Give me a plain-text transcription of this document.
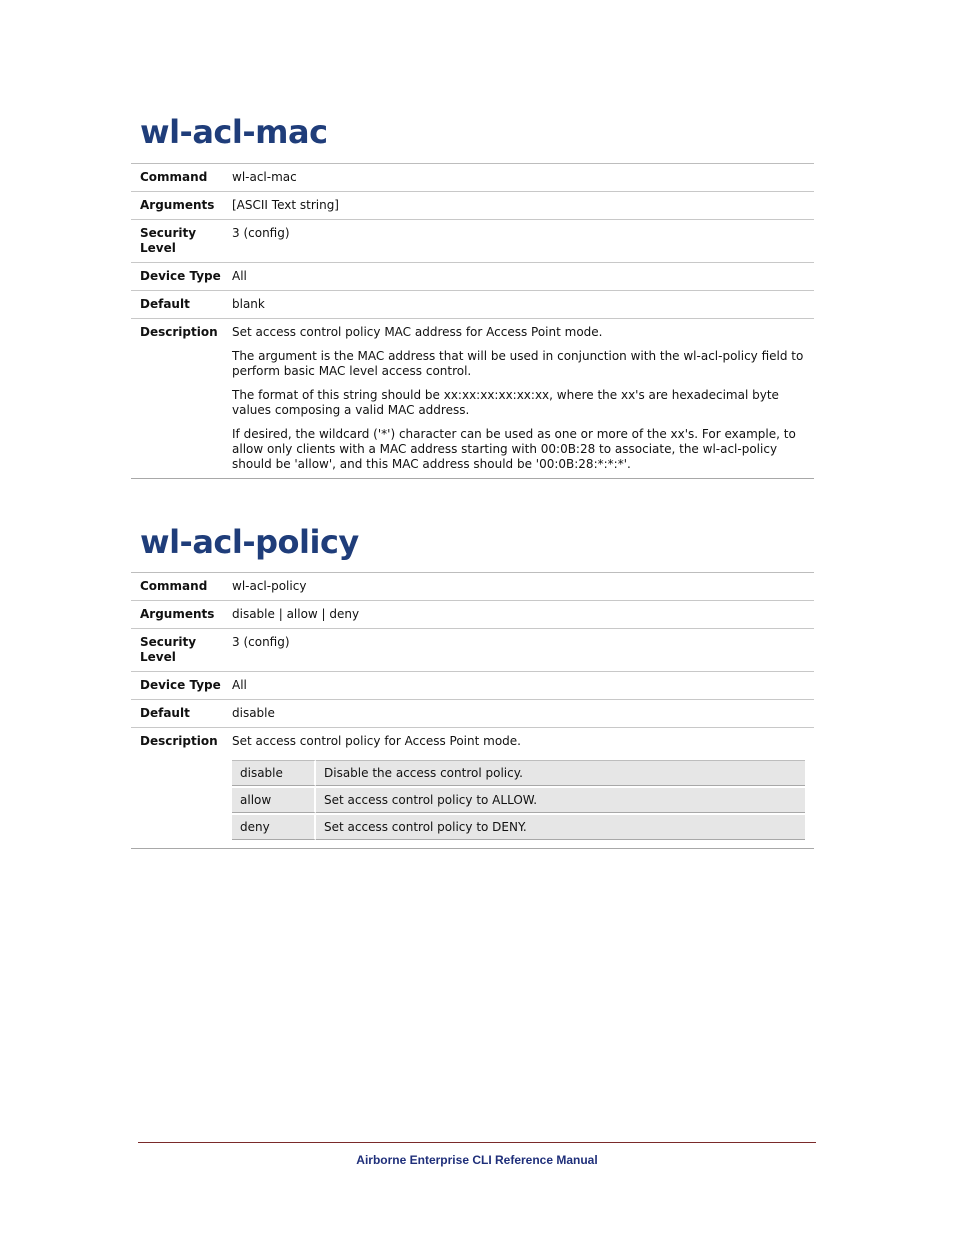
wl-acl-mac
Command	wl-acl-mac
Arguments	[ASCII Text string]
Security Level	3 (config)
Device Type	All
Default	blank
Description	Set access control policy MAC address for Access Point mode.

The argument is the MAC address that will be used in conjunction with the wl-acl-policy field to perform basic MAC level access control.

The format of this string should be xx:xx:xx:xx:xx:xx, where the xx's are hexadecimal byte values composing a valid MAC address.

If desired, the wildcard ('*') character can be used as one or more of the xx's. For example, to allow only clients with a MAC address starting with 00:0B:28 to associate, the wl-acl-policy should be 'allow', and this MAC address should be '00:0B:28:*:*:*'.

wl-acl-policy
Command	wl-acl-policy
Arguments	disable | allow | deny
Security Level	3 (config)
Device Type	All
Default	disable
Description	Set access control policy for Access Point mode.

disable	Disable the access control policy.
allow	Set access control policy to ALLOW.
deny	Set access control policy to DENY.
Airborne Enterprise CLI Reference Manual
